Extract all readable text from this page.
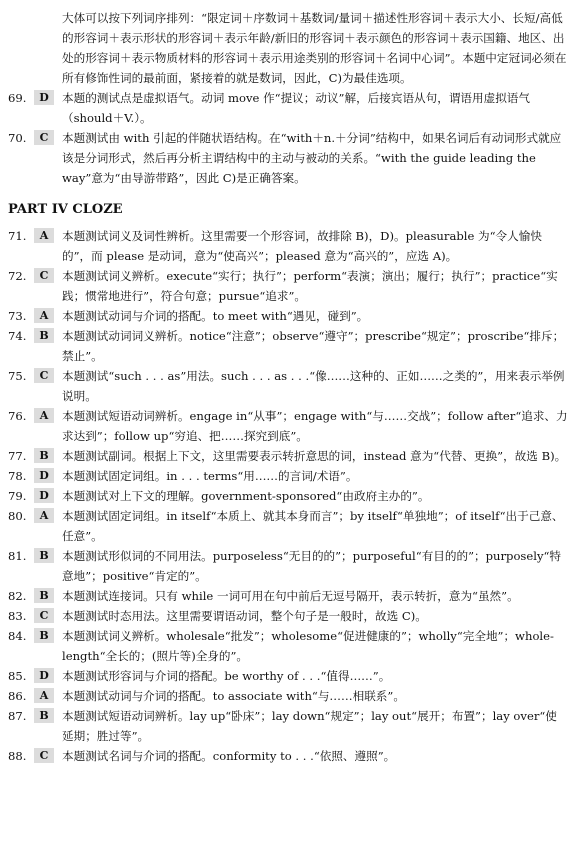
大体可以按下列词序排列：“限定词＋序数词＋基数词/量词＋描述性形容词＋表示大小、长短/高低的形容词＋表示形状的形容词＋表示年龄/新旧的形容词＋表示颜色的形容词＋表示国籍、地区、出处的形容词＋表示物质材料的形容词＋表示用途类别的形容词＋名词中心词”。本题中定冠词必须在所有修饰性词的最前面，紧接着的就是数词，因此，C)为最佳选项。

69.	D	本题的测试点是虚拟语气。动词 move 作“提议；动议”解，后接宾语从句，谓语用虚拟语气（should＋V.）。

70.	C	本题测试由 with 引起的伴随状语结构。在“with＋n.＋分词”结构中，如果名词后有动词形式就应该是分词形式，然后再分析主谓结构中的主动与被动的关系。“with the guide leading the way”意为“由导游带路”，因此 C)是正确答案。

PART IV CLOZE
71.	A	本题测试词义及词性辨析。这里需要一个形容词，故排除 B)，D)。pleasurable 为“令人愉快的”，而 please 是动词，意为“使高兴”；pleased 意为“高兴的”，应选 A)。

72.	C	本题测试词义辨析。execute“实行；执行”；perform“表演；演出；履行；执行”；practice“实践；惯常地进行”，符合句意；pursue“追求”。

73.	A	本题测试动词与介词的搭配。to meet with“遇见，碰到”。

74.	B	本题测试动词词义辨析。notice“注意”；observe“遵守”；prescribe“规定”；proscribe“排斥；禁止”。

75.	C	本题测试“such . . . as”用法。such . . . as . . .“像……这种的、正如……之类的”，用来表示举例说明。

76.	A	本题测试短语动词辨析。engage in“从事”；engage with“与……交战”；follow after“追求、力求达到”；follow up“穷追、把……探究到底”。

77.	B	本题测试副词。根据上下文，这里需要表示转折意思的词，instead 意为“代替、更换”，故选 B)。

78.	D	本题测试固定词组。in . . . terms“用……的言词/术语”。

79.	D	本题测试对上下文的理解。government-sponsored“由政府主办的”。

80.	A	本题测试固定词组。in itself“本质上、就其本身而言”；by itself“单独地”；of itself“出于己意、任意”。

81.	B	本题测试形似词的不同用法。purposeless“无目的的”；purposeful“有目的的”；purposely“特意地”；positive“肯定的”。

82.	B	本题测试连接词。只有 while 一词可用在句中前后无逗号隔开，表示转折，意为“虽然”。

83.	C	本题测试时态用法。这里需要谓语动词，整个句子是一般时，故选 C)。

84.	B	本题测试词义辨析。wholesale“批发”；wholesome“促进健康的”；wholly“完全地”；whole-length“全长的；(照片等)全身的”。

85.	D	本题测试形容词与介词的搭配。be worthy of . . .“值得……”。

86.	A	本题测试动词与介词的搭配。to associate with“与……相联系”。

87.	B	本题测试短语动词辨析。lay up“卧床”；lay down“规定”；lay out“展开；布置”；lay over“使延期；胜过等”。

88.	C	本题测试名词与介词的搭配。conformity to . . .“依照、遵照”。
